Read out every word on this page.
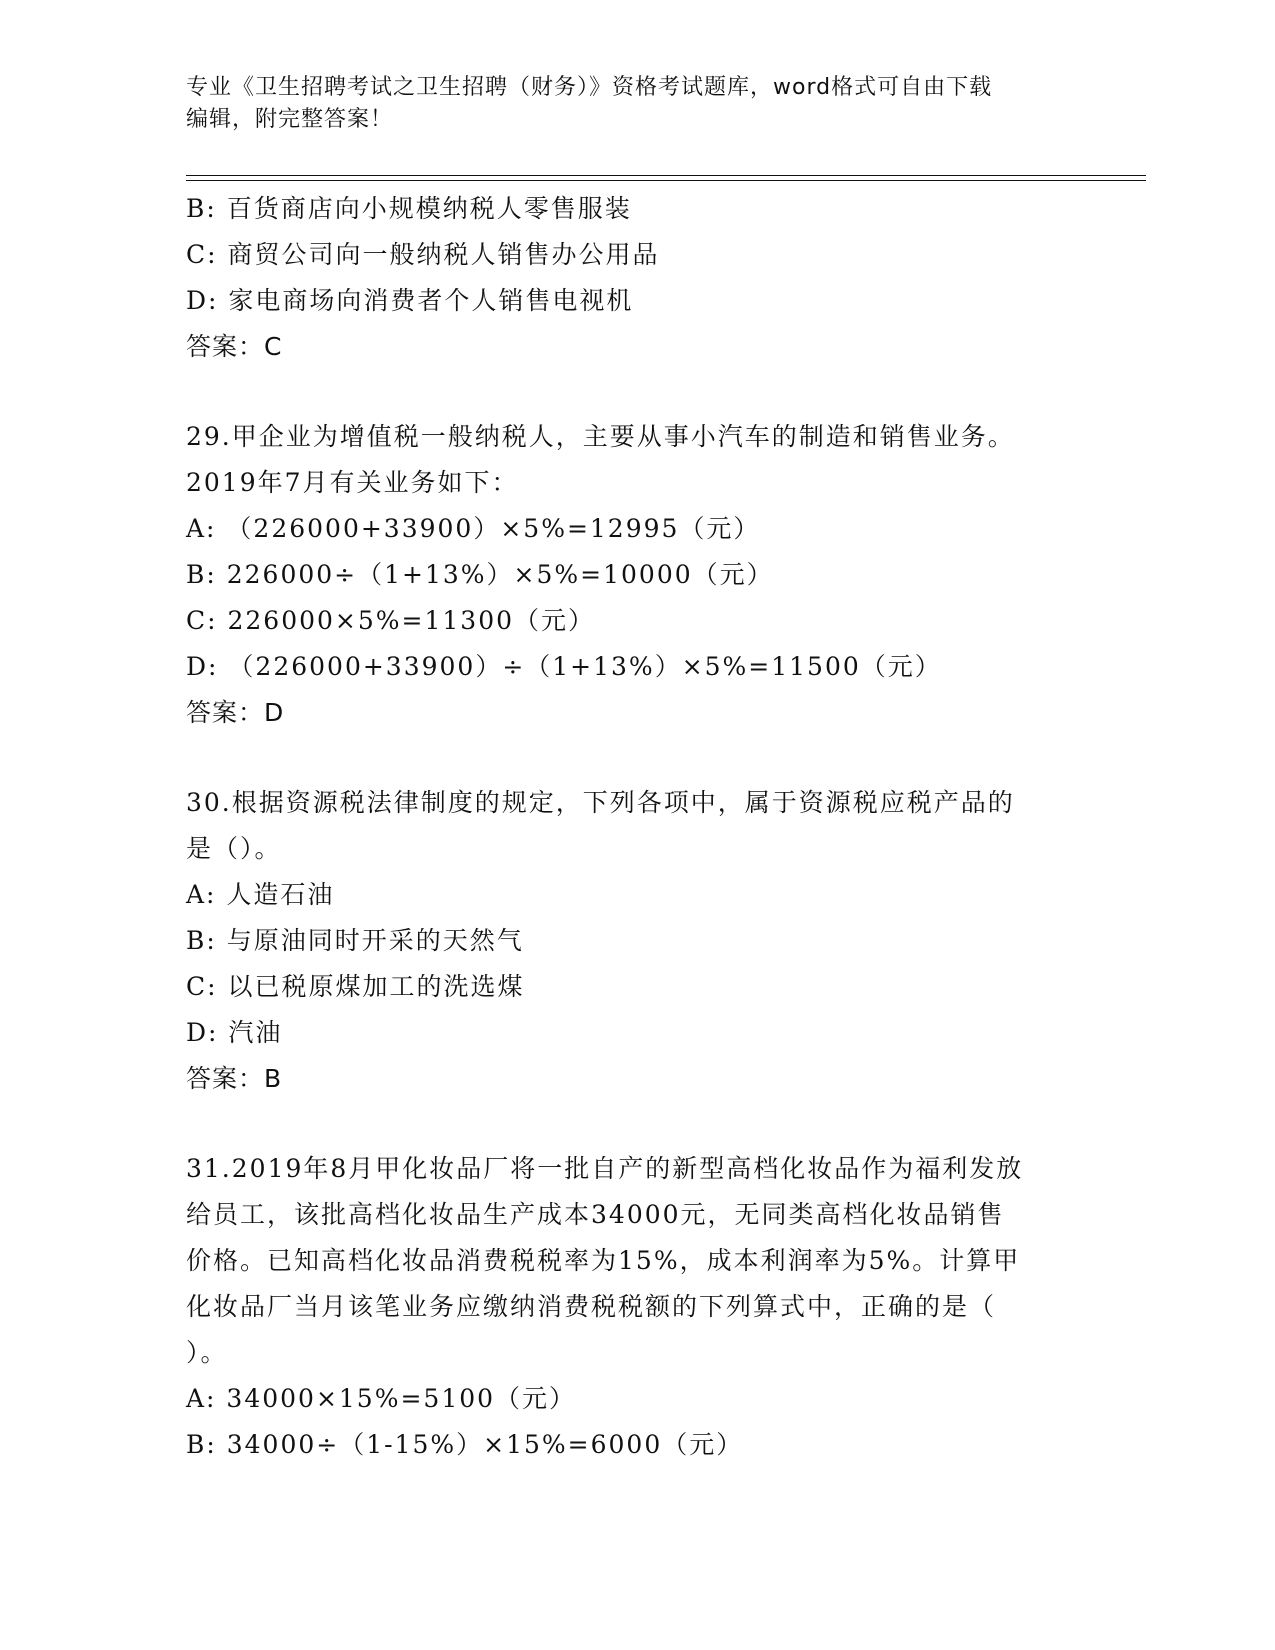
专业《卫生招聘考试之卫生招聘（财务）》资格考试题库，word格式可自由下载
编辑，附完整答案！
B: 百货商店向小规模纳税人零售服装
C: 商贸公司向一般纳税人销售办公用品
D: 家电商场向消费者个人销售电视机
答案：C
29.甲企业为增值税一般纳税人，主要从事小汽车的制造和销售业务。
2019年7月有关业务如下：
A: （226000+33900）×5%=12995（元）
B: 226000÷（1+13%）×5%=10000（元）
C: 226000×5%=11300（元）
D: （226000+33900）÷（1+13%）×5%=11500（元）
答案：D
30.根据资源税法律制度的规定，下列各项中，属于资源税应税产品的
是（）。
A: 人造石油
B: 与原油同时开采的天然气
C: 以已税原煤加工的洗选煤
D: 汽油
答案：B
31.2019年8月甲化妆品厂将一批自产的新型高档化妆品作为福利发放
给员工，该批高档化妆品生产成本34000元，无同类高档化妆品销售
价格。已知高档化妆品消费税税率为15%，成本利润率为5%。计算甲
化妆品厂当月该笔业务应缴纳消费税税额的下列算式中，正确的是（
）。
A: 34000×15%=5100（元）
B: 34000÷（1-15%）×15%=6000（元）
